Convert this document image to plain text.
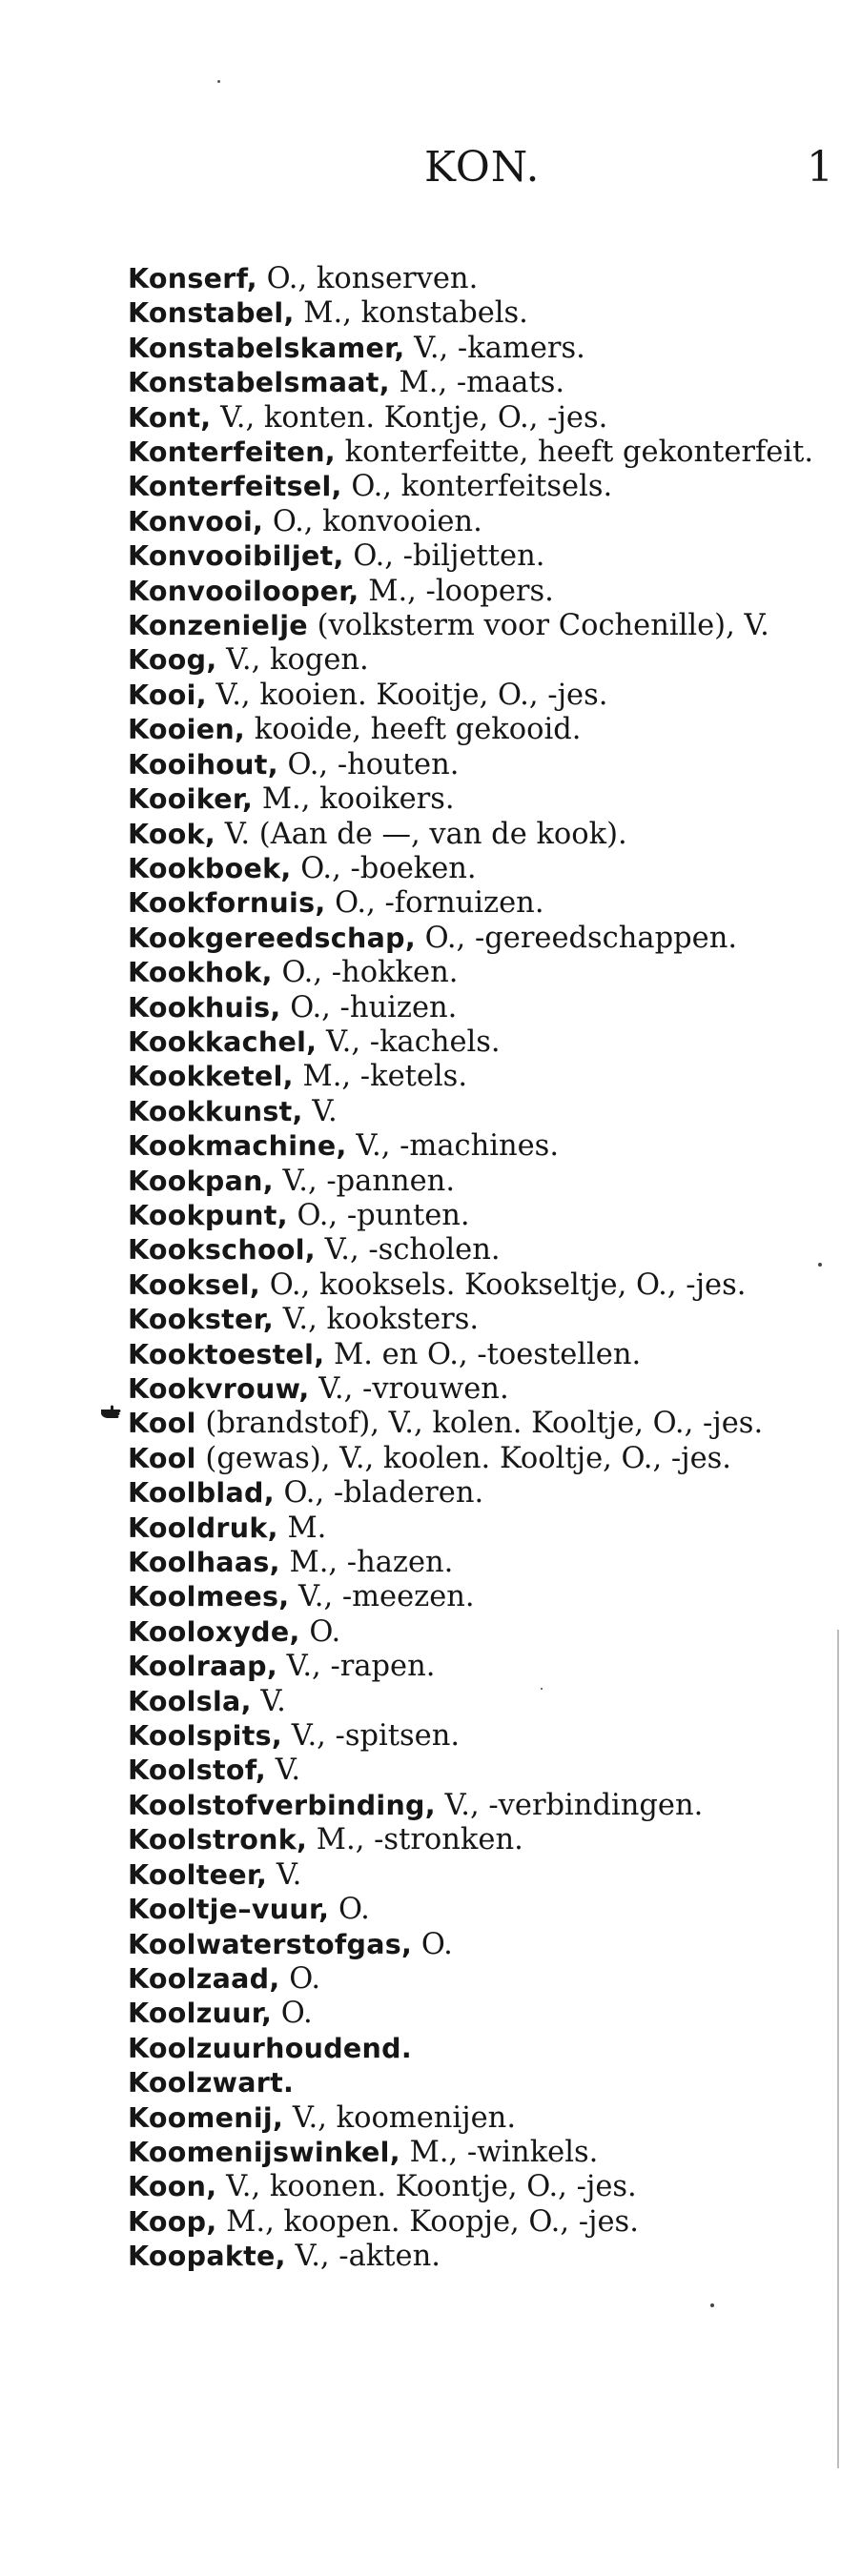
KON.	1
Konserf, O., konserven.
Konstabel, M., konstabels.
Konstabelskamer, V., -kamers.
Konstabelsmaat, M., -maats.
Kont, V., konten. Kontje, O., -jes.
Konterfeiten, konterfeitte, heeft gekonterfeit.
Konterfeitsel, O., konterfeitsels.
Konvooi, O., konvooien.
Konvooibiljet, O., -biljetten.
Konvooilooper, M., -loopers.
Konzenielje (volksterm voor Cochenille), V.
Koog, V., kogen.
Kooi, V., kooien. Kooitje, O., -jes.
Kooien, kooide, heeft gekooid.
Kooihout, O., -houten.
Kooiker, M., kooikers.
Kook, V. (Aan de —, van de kook).
Kookboek, O., -boeken.
Kookfornuis, O., -fornuizen.
Kookgereedschap, O., -gereedschappen.
Kookhok, O., -hokken.
Kookhuis, O., -huizen.
Kookkachel, V., -kachels.
Kookketel, M., -ketels.
Kookkunst, V.
Kookmachine, V., -machines.
Kookpan, V., -pannen.
Kookpunt, O., -punten.
Kookschool, V., -scholen.
Kooksel, O., kooksels. Kookseltje, O., -jes.
Kookster, V., kooksters.
Kooktoestel, M. en O., -toestellen.
Kookvrouw, V., -vrouwen.
Kool (brandstof), V., kolen. Kooltje, O., -jes.
Kool (gewas), V., koolen. Kooltje, O., -jes.
Koolblad, O., -bladeren.
Kooldruk, M.
Koolhaas, M., -hazen.
Koolmees, V., -meezen.
Kooloxyde, O.
Koolraap, V., -rapen.
Koolsla, V.
Koolspits, V., -spitsen.
Koolstof, V.
Koolstofverbinding, V., -verbindingen.
Koolstronk, M., -stronken.
Koolteer, V.
Kooltje–vuur, O.
Koolwaterstofgas, O.
Koolzaad, O.
Koolzuur, O.
Koolzuurhoudend.
Koolzwart.
Koomenij, V., koomenijen.
Koomenijswinkel, M., -winkels.
Koon, V., koonen. Koontje, O., -jes.
Koop, M., koopen. Koopje, O., -jes.
Koopakte, V., -akten.
